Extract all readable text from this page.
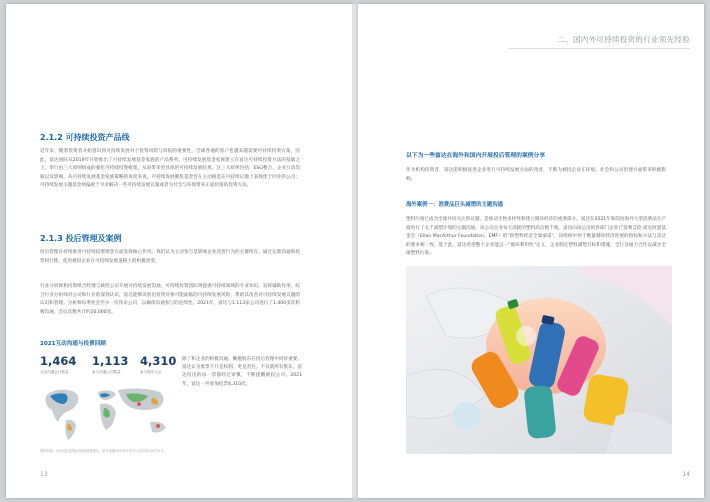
2.1.2 可持续投资产品线
近年来，随着投资者开始意识到可持续发展对于投资风险与回报的重要性，全球各地的客户也越来越需要可持续投资方案。因此，富达国际从2019年开始推出了可持续发展基金家族的产品系列。可持续发展基金家族建立在富达可持续投资方法的基础之上，奉行由三大原则组成的强化可持续投资框架，从而带来更具体的可持续发展结果。这三大原则包括：ESG整合、企业互动沟通以及影响。从可持续发展基金家族策略的角度来说，可持续发展聚焦基金旨在主动挑选在可持续议题上表现优于同业的公司；可持续发展主题基金则偏重于寻求解决一些可持续发展议题或者为社会与环境带来正面价值的投资方法。
2.1.3 投后管理及案例
投后管理在持续推进可持续投资理念方面发挥核心作用。我们认为主动参与是影响企业改善行为的关键所在。通过定期沟通和投票权行使，促进被投企业在可持续发展道路上的积极改变。
行业分析师和投资组合经理与被投公司开展可持续发展沟通，可持续投资团队则提供可持续领域的专业知识，发挥辅助作用。结合行业分析师对公司和行业的深刻认识，富达能够识别出投资对象可能面临的可持续发展风险，帮助其改善对可持续发展议题的认识和管理。分析师每季度会至少一次拜访公司，以确保沟通参与的连续性。2021年，富达与1,113家公司进行了1,400多次积极沟通，会议次数共计约20,000次。
2021互动沟通与投票回顾
1,464
互动沟通会议数量
1,113
参与沟通公司数量
4,310
参与股东大会
除了和企业的积极沟通，勤勉股东在投后管理中同样重要。富达认为股票不只是权利，更是责任。不仅就所有股东，富达投出的每一票都经过审慎，不断提醒被投公司。2021年，富达一共参加投票4,310次。
资料来源：2021富达国际可持续投资报告，统计周期2021年1月1日-2021年12月31日。
13
二、国内外可持续投资的行业领先经验
以下为一些富达在海外和国内开展投后管理的案例分享
作为机构投资者，富达能积极促进企业进行可持续发展方面的改善，不断为被投企业在环境、社会和公司治理方面带来积极影响。
海外案例一：消费品巨头减塑的主题沟通
塑料污染已成为全球共同关注的议题，是推动生物多样性和建立循环经济的重要部分。富达在2021年和印度海外大型消费品生产商进行了关于减塑计划的主题沟通。该公司企业每天消耗的塑料高达数千吨。富达向该公司的各部门企业已签署艾伦·麦克阿瑟基金会（Ellen MacArthur Foundation，EMF）的"新塑料经济全球承诺"，该组织中用于衡量循环经济进展的指标和方法与富达的要求相一致，基于此，富达希望整个企业能以一"循环利用性"定义，企业制定塑料减塑目标和措施，全行业通力合作以减少全球塑料污染。
14
